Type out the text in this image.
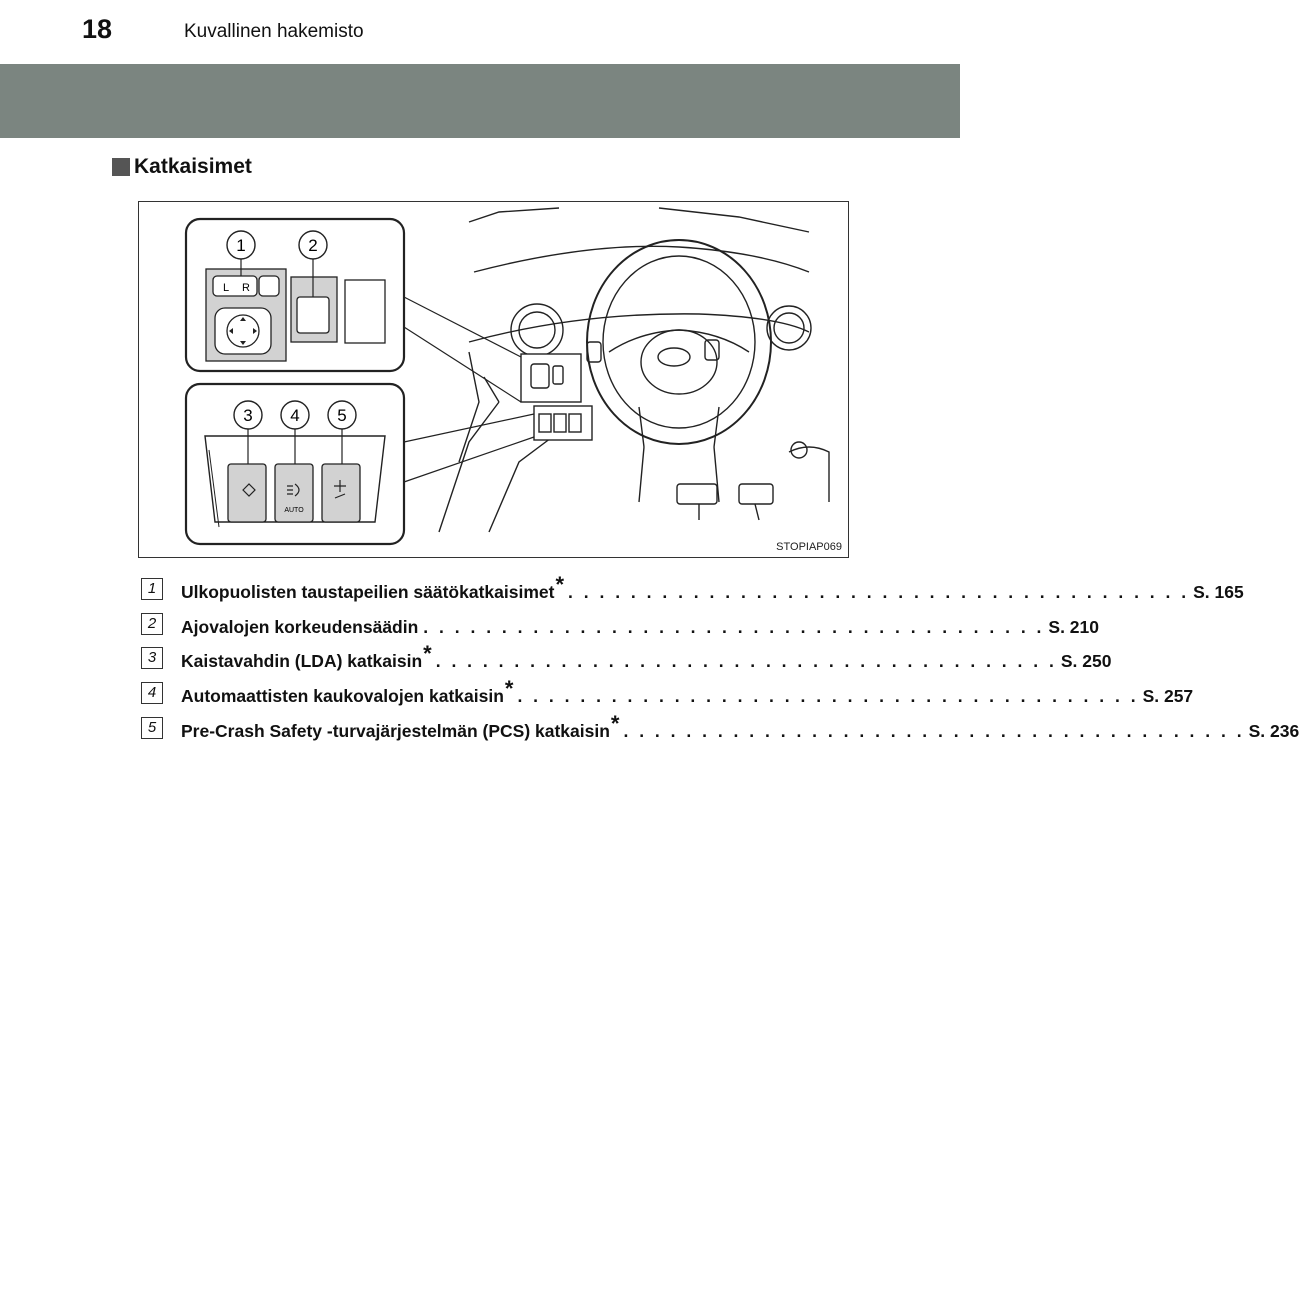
18	Kuvallinen hakemisto
Katkaisimet
L R
1	2
AUTO
3 4 5
STOPIAP069
1	Ulkopuolisten taustapeilien säätökatkaisimet* . . . . . . . . . . . . . . . . . . . . . . . . . . . . . . . . . . . . . . . . S. 165
2	Ajovalojen korkeudensäädin . . . . . . . . . . . . . . . . . . . . . . . . . . . . . . . . . . . . . . . . S. 210
3	Kaistavahdin (LDA) katkaisin* . . . . . . . . . . . . . . . . . . . . . . . . . . . . . . . . . . . . . . . . S. 250
4	Automaattisten kaukovalojen katkaisin* . . . . . . . . . . . . . . . . . . . . . . . . . . . . . . . . . . . . . . . . S. 257
5	Pre-Crash Safety -turvajärjestelmän (PCS) katkaisin* . . . . . . . . . . . . . . . . . . . . . . . . . . . . . . . . . . . . . . . . S. 236
